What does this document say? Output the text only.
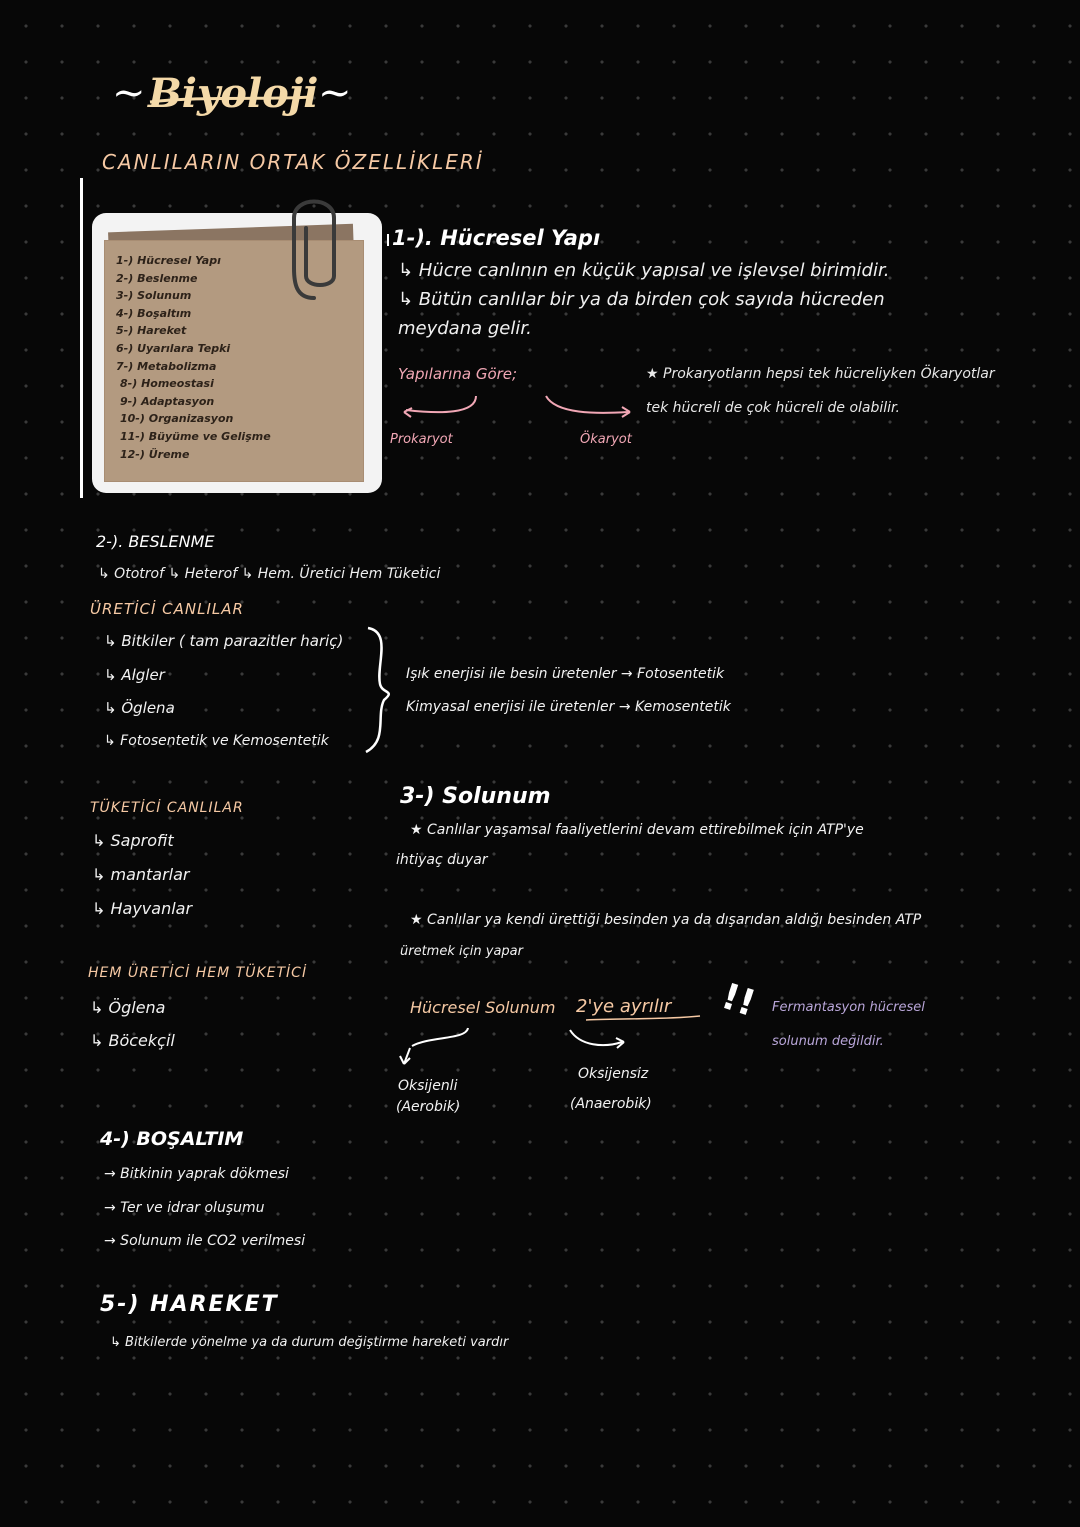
~ Biyoloji ~
CANLILARIN ORTAK ÖZELLİKLERİ
1-) Hücresel Yapı
2-) Beslenme
3-) Solunum
4-) Boşaltım
5-) Hareket
6-) Uyarılara Tepki
7-) Metabolizma
8-) Homeostasi
9-) Adaptasyon
10-) Organizasyon
11-) Büyüme ve Gelişme
12-) Üreme
1-). Hücresel Yapı
↳ Hücre canlının en küçük yapısal ve işlevsel birimidir.
↳ Bütün canlılar bir ya da birden çok sayıda hücreden
meydana gelir.
Yapılarına Göre;
Prokaryot	Ökaryot
★ Prokaryotların hepsi tek hücreliyken Ökaryotlar
tek hücreli de çok hücreli de olabilir.
2-). BESLENME
↳ Ototrof ↳ Heterof ↳ Hem. Üretici Hem Tüketici
ÜRETİCİ CANLILAR
↳ Bitkiler ( tam parazitler hariç)
↳ Algler
↳ Öglena
↳ Fotosentetik ve Kemosentetik
Işık enerjisi ile besin üretenler → Fotosentetik
Kimyasal enerjisi ile üretenler → Kemosentetik
TÜKETİCİ CANLILAR
↳ Saprofit
↳ mantarlar
↳ Hayvanlar
HEM ÜRETİCİ HEM TÜKETİCİ
↳ Öglena
↳ Böcekçil
3-) Solunum
★ Canlılar yaşamsal faaliyetlerini devam ettirebilmek için ATP'ye
ihtiyaç duyar
★ Canlılar ya kendi ürettiği besinden ya da dışarıdan aldığı besinden ATP
üretmek için yapar
Hücresel Solunum 2'ye ayrılır !! Fermantasyon hücresel
solunum değildir.
Oksijenli
(Aerobik)
Oksijensiz
(Anaerobik)
4-) BOŞALTIM
→ Bitkinin yaprak dökmesi
→ Ter ve idrar oluşumu
→ Solunum ile CO2 verilmesi
5-) HAREKET
↳ Bitkilerde yönelme ya da durum değiştirme hareketi vardır
